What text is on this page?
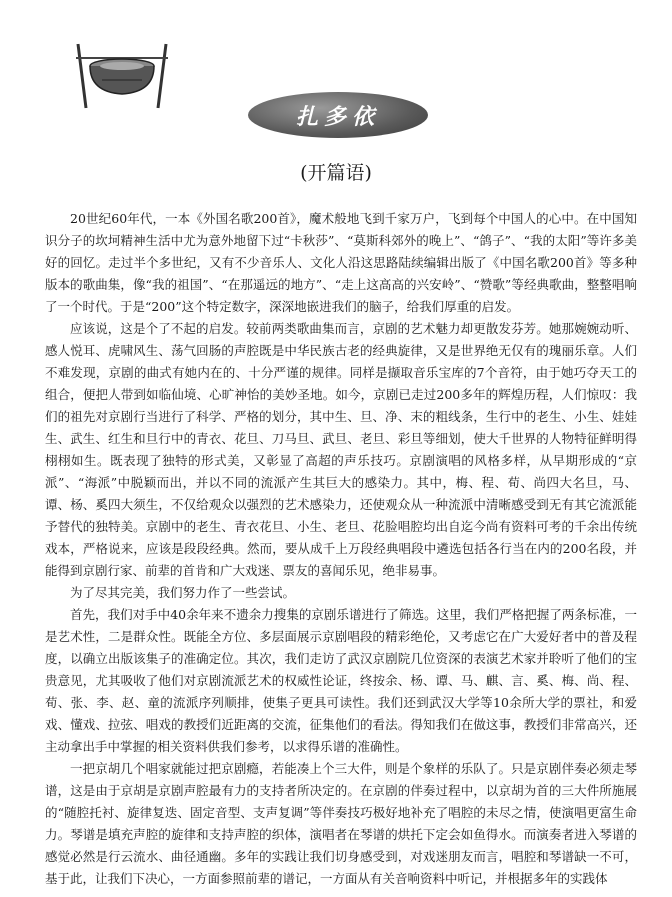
扎多依
(开篇语)

20世纪60年代，一本《外国名歌200首》，魔术般地飞到千家万户，飞到每个中国人的心中。在中国知识分子的坎坷精神生活中尤为意外地留下过“卡秋莎”、“莫斯科郊外的晚上”、“鸽子”、“我的太阳”等许多美好的回忆。走过半个多世纪，又有不少音乐人、文化人沿这思路陆续编辑出版了《中国名歌200首》等多种版本的歌曲集，像“我的祖国”、“在那遥远的地方”、“走上这高高的兴安岭”、“赞歌”等经典歌曲，整整唱响了一个时代。于是“200”这个特定数字，深深地嵌进我们的脑子，给我们厚重的启发。

应该说，这是个了不起的启发。较前两类歌曲集而言，京剧的艺术魅力却更散发芬芳。她那婉婉动听、感人悦耳、虎啸风生、荡气回肠的声腔既是中华民族古老的经典旋律，又是世界绝无仅有的瑰丽乐章。人们不难发现，京剧的曲式有她内在的、十分严谨的规律。同样是撷取音乐宝库的7个音符，由于她巧夺天工的组合，便把人带到如临仙境、心旷神怡的美妙圣地。如今，京剧已走过200多年的辉煌历程，人们惊叹：我们的祖先对京剧行当进行了科学、严格的划分，其中生、旦、净、末的粗线条，生行中的老生、小生、娃娃生、武生、红生和旦行中的青衣、花旦、刀马旦、武旦、老旦、彩旦等细划，使大千世界的人物特征鲜明得栩栩如生。既表现了独特的形式美，又彰显了高超的声乐技巧。京剧演唱的风格多样，从早期形成的“京派”、“海派”中脱颖而出，并以不同的流派产生其巨大的感染力。其中，梅、程、荀、尚四大名旦，马、谭、杨、奚四大须生，不仅给观众以强烈的艺术感染力，还使观众从一种流派中清晰感受到无有其它流派能予替代的独特美。京剧中的老生、青衣花旦、小生、老旦、花脸唱腔均出自迄今尚有资料可考的千余出传统戏本，严格说来，应该是段段经典。然而，要从成千上万段经典唱段中遴选包括各行当在内的200名段，并能得到京剧行家、前辈的首肯和广大戏迷、票友的喜闻乐见，绝非易事。

为了尽其完美，我们努力作了一些尝试。

首先，我们对手中40余年来不遗余力搜集的京剧乐谱进行了筛选。这里，我们严格把握了两条标准，一是艺术性，二是群众性。既能全方位、多层面展示京剧唱段的精彩绝伦，又考虑它在广大爱好者中的普及程度，以确立出版该集子的准确定位。其次，我们走访了武汉京剧院几位资深的表演艺术家并聆听了他们的宝贵意见，尤其吸收了他们对京剧流派艺术的权威性论证，终按余、杨、谭、马、麒、言、奚、梅、尚、程、荀、张、李、赵、童的流派序列顺排，使集子更具可读性。我们还到武汉大学等10余所大学的票社，和爱戏、懂戏、拉弦、唱戏的教授们近距离的交流，征集他们的看法。得知我们在做这事，教授们非常高兴，还主动拿出手中掌握的相关资料供我们参考，以求得乐谱的准确性。

一把京胡几个唱家就能过把京剧瘾，若能凑上个三大件，则是个象样的乐队了。只是京剧伴奏必须走琴谱，这是由于京胡是京剧声腔最有力的支持者所决定的。在京剧的伴奏过程中，以京胡为首的三大件所施展的“随腔托衬、旋律复迭、固定音型、支声复调”等伴奏技巧极好地补充了唱腔的未尽之情，使演唱更富生命力。琴谱是填充声腔的旋律和支持声腔的织体，演唱者在琴谱的烘托下定会如鱼得水。而演奏者进入琴谱的感觉必然是行云流水、曲径通幽。多年的实践让我们切身感受到，对戏迷朋友而言，唱腔和琴谱缺一不可，基于此，让我们下决心，一方面参照前辈的谱记，一方面从有关音响资料中听记，并根据多年的实践体
